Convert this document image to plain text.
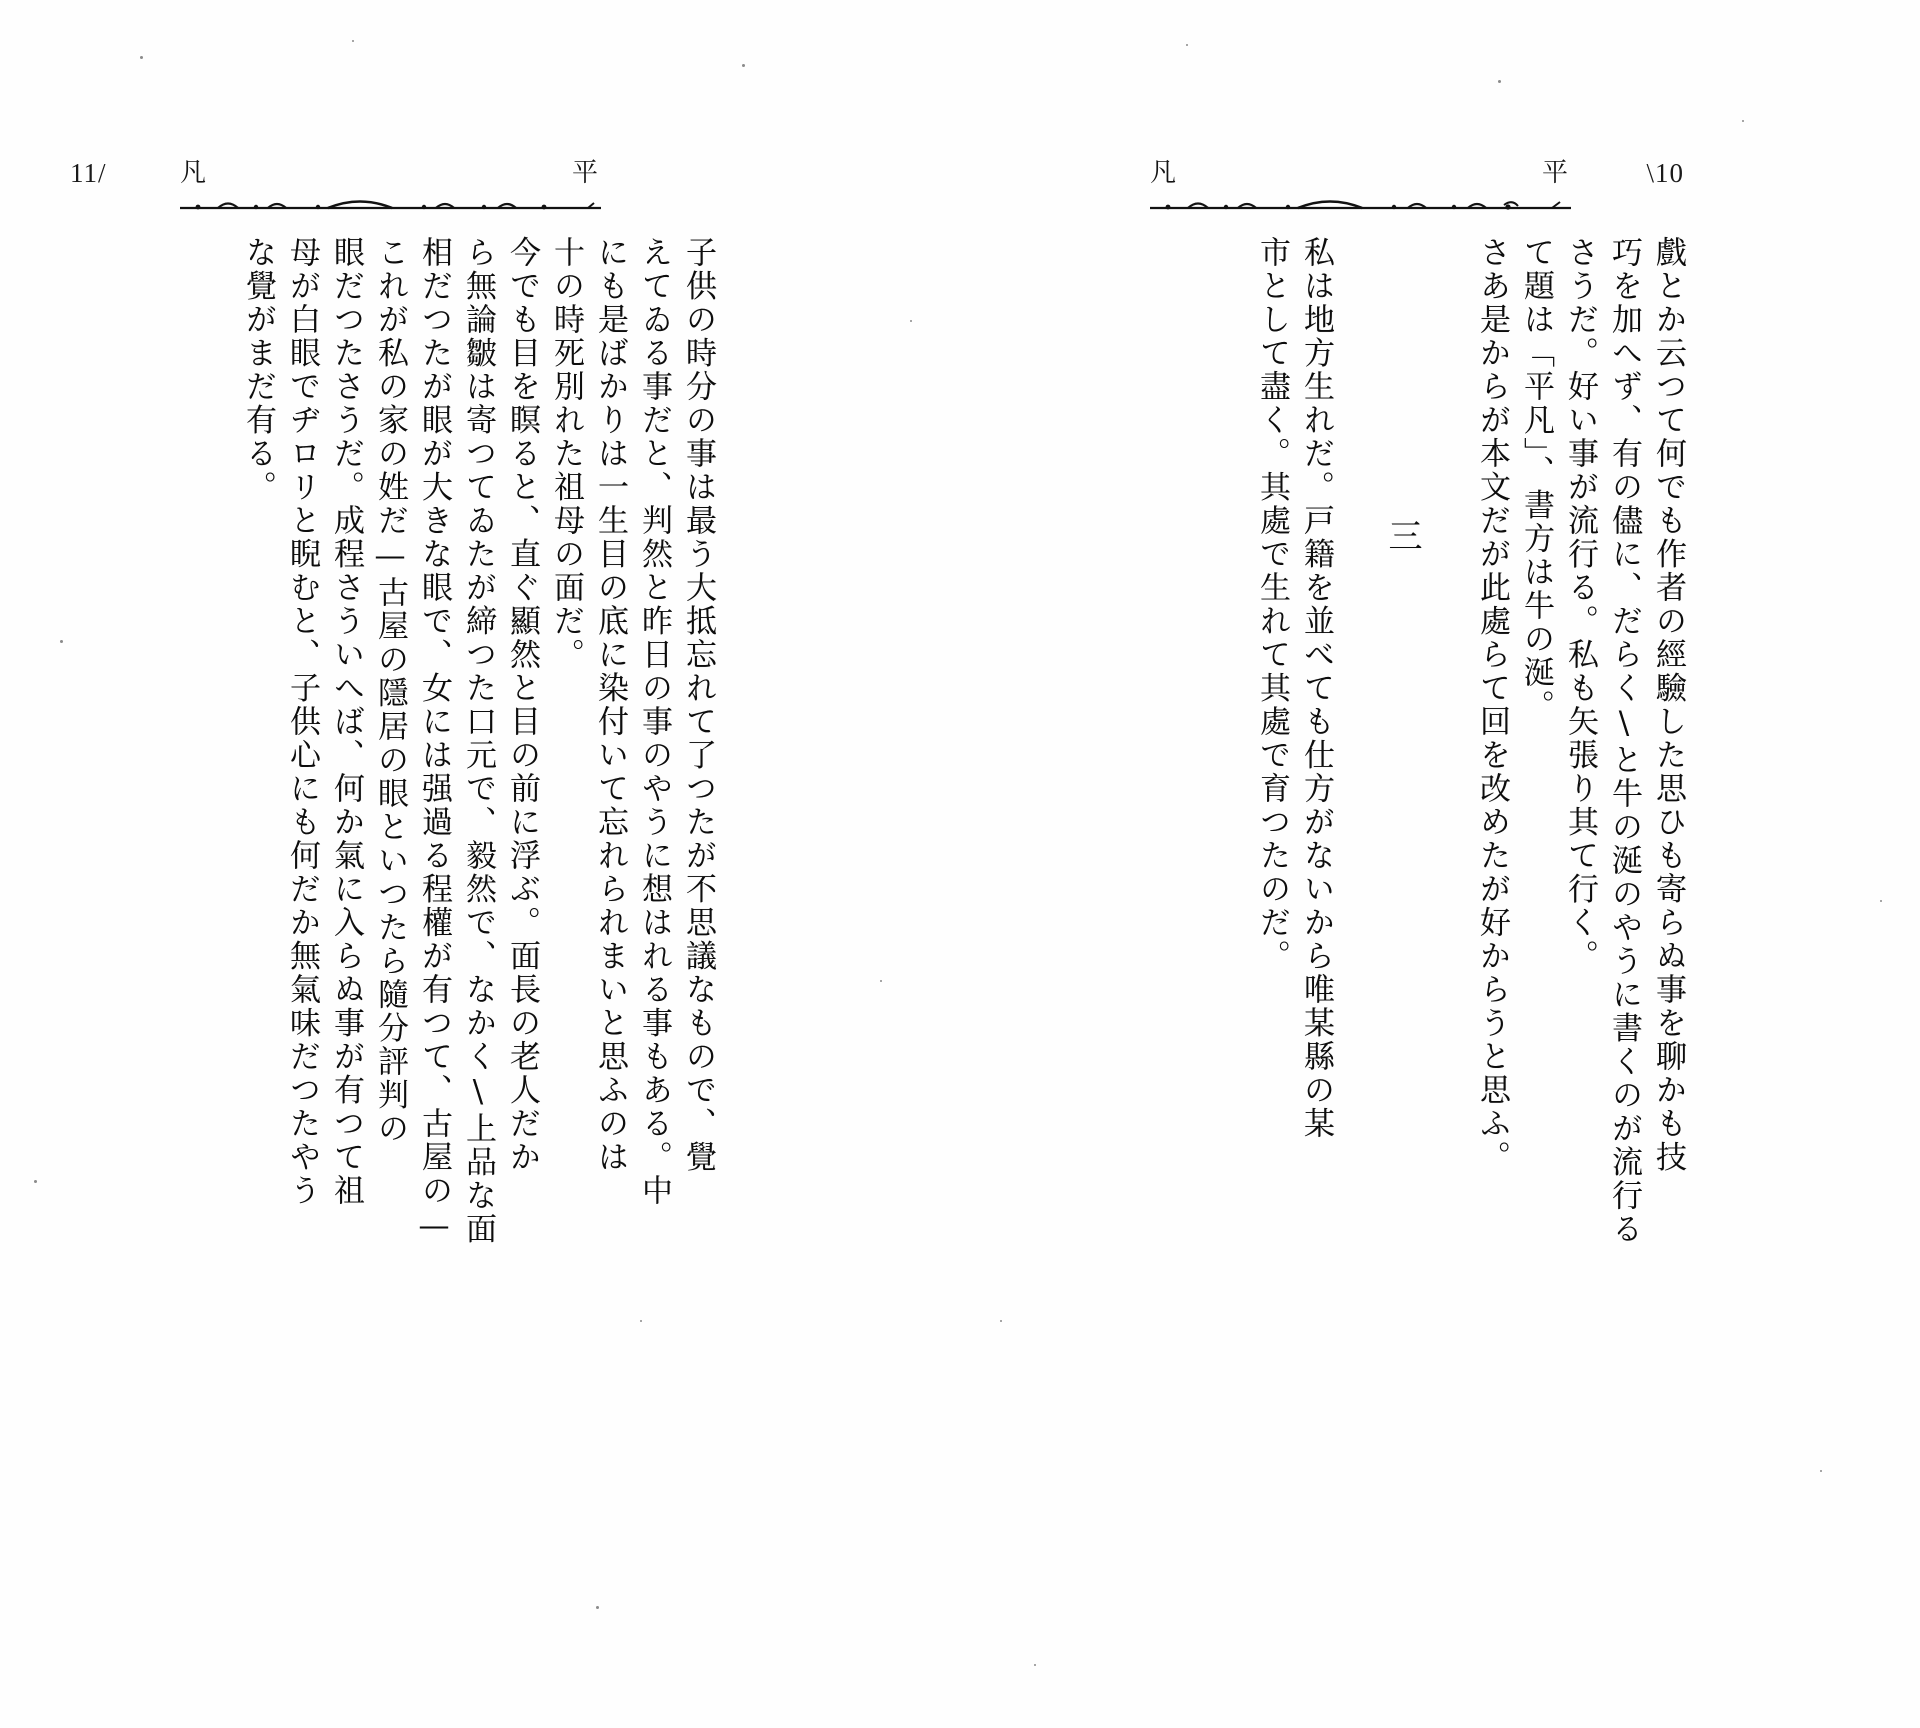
\10
凡	平
戲とか云つて何でも作者の經驗した思ひも寄らぬ事を聊かも技
巧を加へず、有の儘に、だらく\と牛の涎のやうに書くのが流行る
さうだ。好い事が流行る。私も矢張り其て行く。
て題は「平凡」、書方は牛の涎。
さあ是からが本文だが此處らて回を改めたが好からうと思ふ。
三
私は地方生れだ。戸籍を並べても仕方がないから唯某縣の某
市として盡く。其處で生れて其處で育つたのだ。
11/	凡	平
子供の時分の事は最う大抵忘れて了つたが不思議なもので、覺
えてゐる事だと、判然と昨日の事のやうに想はれる事もある。中
にも是ばかりは一生目の底に染付いて忘れられまいと思ふのは
十の時死別れた祖母の面だ。
今でも目を瞑ると、直ぐ顯然と目の前に浮ぶ。面長の老人だか
ら無論皺は寄つてゐたが締つた口元で、毅然で、なかく\上品な面
相だつたが眼が大きな眼で、女には强過る程權が有つて、古屋の—
これが私の家の姓だ—古屋の隱居の眼といつたら隨分評判の
眼だつたさうだ。成程さういへば、何か氣に入らぬ事が有つて祖
母が白眼でヂロリと睨むと、子供心にも何だか無氣味だつたやう
な覺がまだ有る。
